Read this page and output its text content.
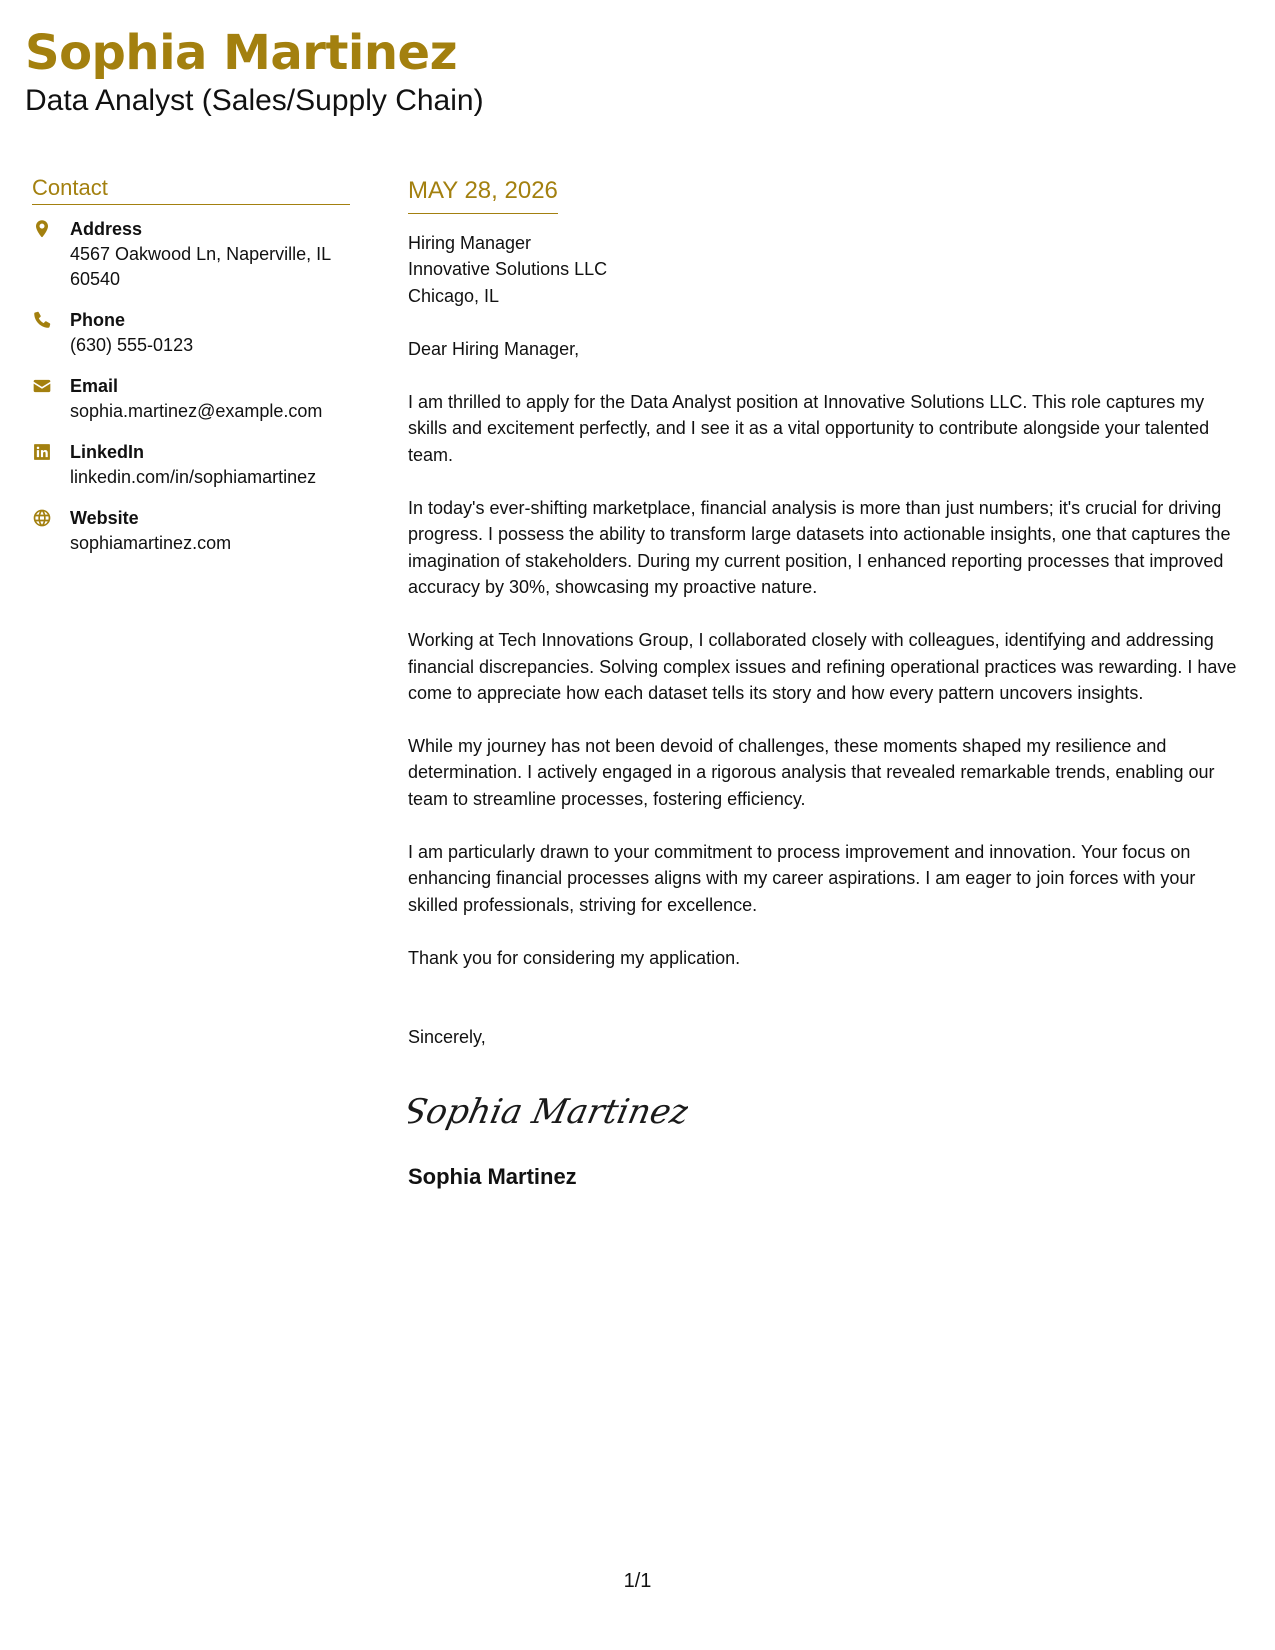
Sophia Martinez
Data Analyst (Sales/Supply Chain)
Contact
Address
4567 Oakwood Ln, Naperville, IL
60540
Phone
(630) 555-0123
Email
sophia.martinez@example.com
LinkedIn
linkedin.com/in/sophiamartinez
Website
sophiamartinez.com
MAY 28, 2026
Hiring Manager
Innovative Solutions LLC
Chicago, IL
Dear Hiring Manager,

I am thrilled to apply for the Data Analyst position at Innovative Solutions LLC. This role captures my skills and excitement perfectly, and I see it as a vital opportunity to contribute alongside your talented team.

In today's ever-shifting marketplace, financial analysis is more than just numbers; it's crucial for driving progress. I possess the ability to transform large datasets into actionable insights, one that captures the imagination of stakeholders. During my current position, I enhanced reporting processes that improved accuracy by 30%, showcasing my proactive nature.

Working at Tech Innovations Group, I collaborated closely with colleagues, identifying and addressing financial discrepancies. Solving complex issues and refining operational practices was rewarding. I have come to appreciate how each dataset tells its story and how every pattern uncovers insights.

While my journey has not been devoid of challenges, these moments shaped my resilience and determination. I actively engaged in a rigorous analysis that revealed remarkable trends, enabling our team to streamline processes, fostering efficiency.

I am particularly drawn to your commitment to process improvement and innovation. Your focus on enhancing financial processes aligns with my career aspirations. I am eager to join forces with your skilled professionals, striving for excellence.

Thank you for considering my application.

Sincerely,
Sophia Martinez
Sophia Martinez
1/1
